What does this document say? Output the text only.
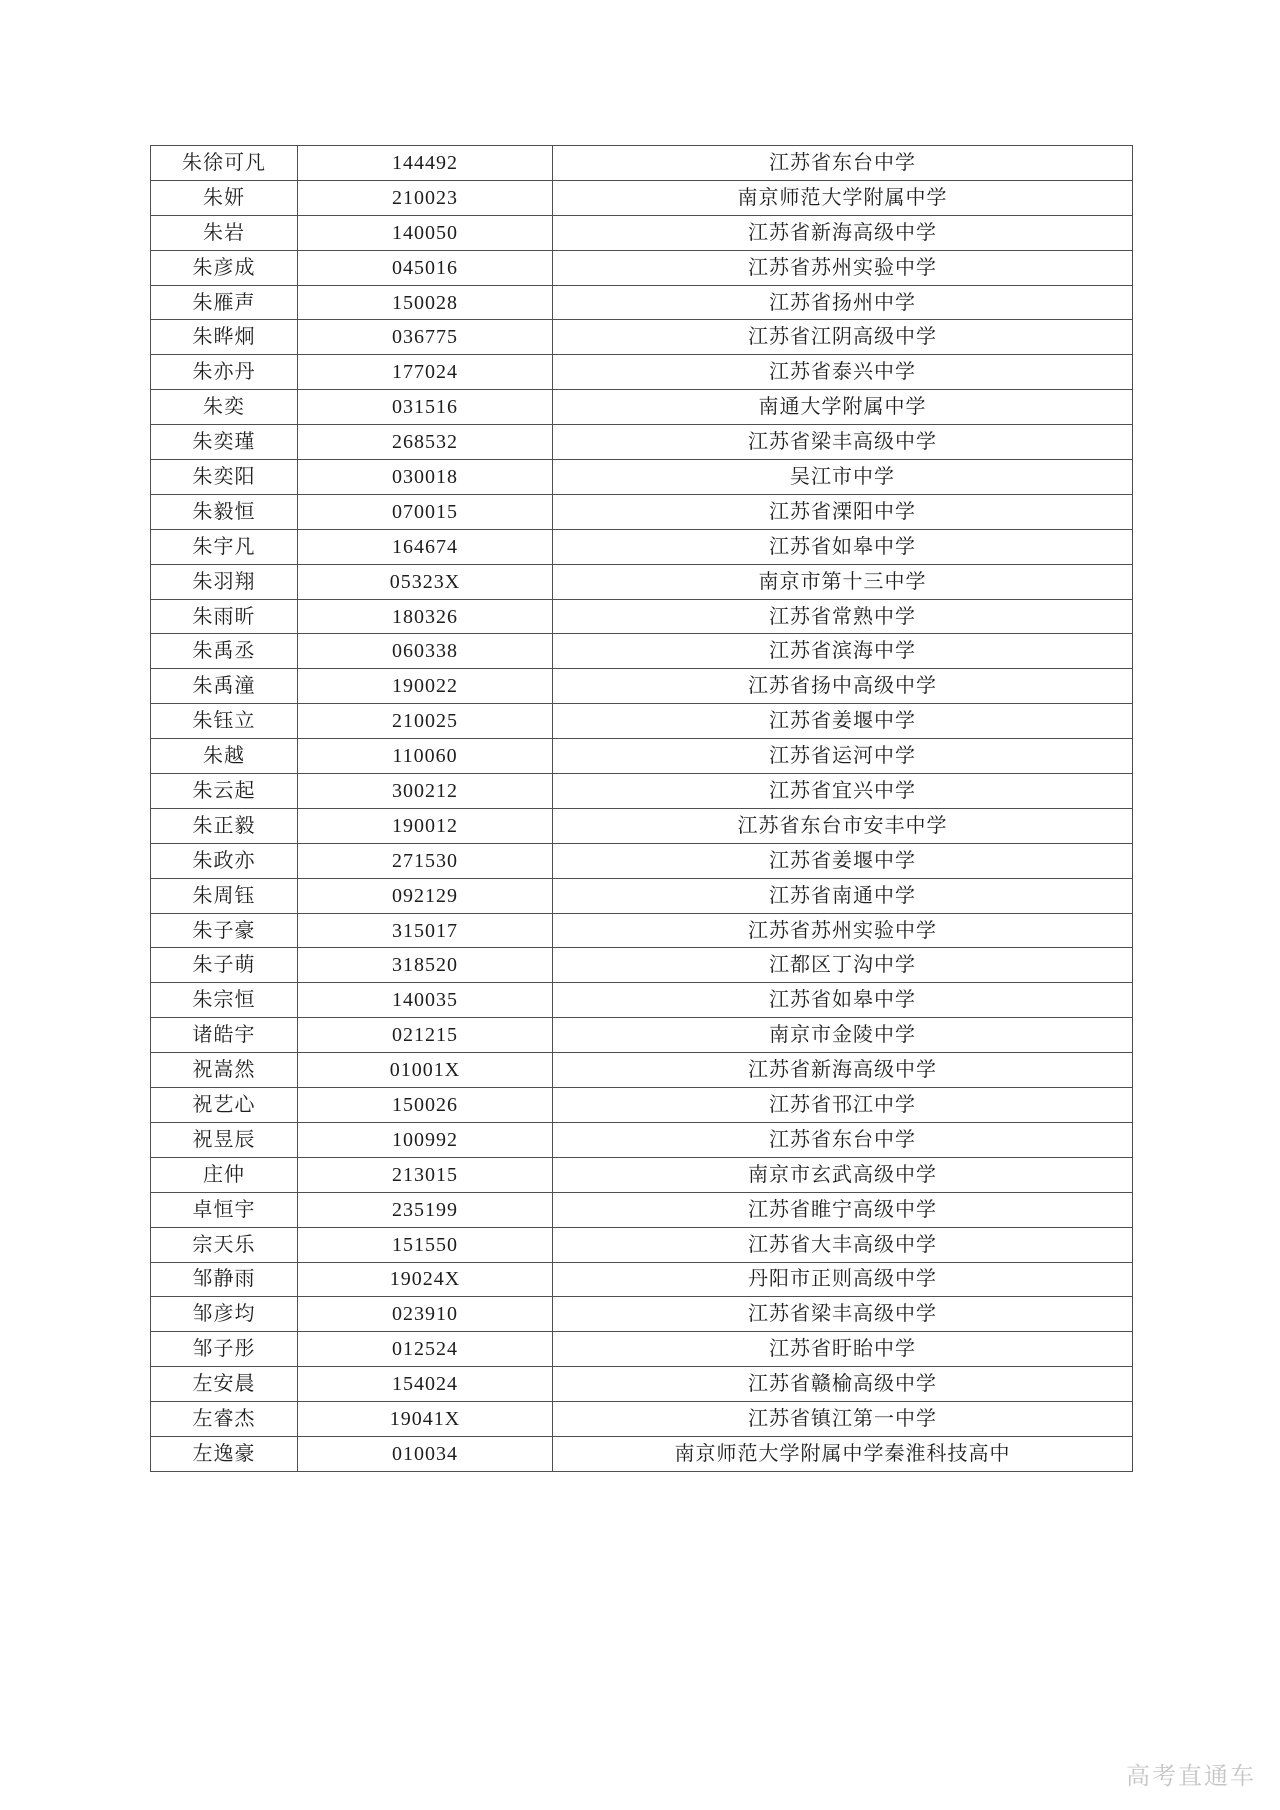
朱徐可凡	144492	江苏省东台中学
朱妍	210023	南京师范大学附属中学
朱岩	140050	江苏省新海高级中学
朱彦成	045016	江苏省苏州实验中学
朱雁声	150028	江苏省扬州中学
朱晔炯	036775	江苏省江阴高级中学
朱亦丹	177024	江苏省泰兴中学
朱奕	031516	南通大学附属中学
朱奕瑾	268532	江苏省梁丰高级中学
朱奕阳	030018	吴江市中学
朱毅恒	070015	江苏省溧阳中学
朱宇凡	164674	江苏省如皋中学
朱羽翔	05323X	南京市第十三中学
朱雨昕	180326	江苏省常熟中学
朱禹丞	060338	江苏省滨海中学
朱禹潼	190022	江苏省扬中高级中学
朱钰立	210025	江苏省姜堰中学
朱越	110060	江苏省运河中学
朱云起	300212	江苏省宜兴中学
朱正毅	190012	江苏省东台市安丰中学
朱政亦	271530	江苏省姜堰中学
朱周钰	092129	江苏省南通中学
朱子豪	315017	江苏省苏州实验中学
朱子萌	318520	江都区丁沟中学
朱宗恒	140035	江苏省如皋中学
诸皓宇	021215	南京市金陵中学
祝嵩然	01001X	江苏省新海高级中学
祝艺心	150026	江苏省邗江中学
祝昱辰	100992	江苏省东台中学
庄仲	213015	南京市玄武高级中学
卓恒宇	235199	江苏省睢宁高级中学
宗天乐	151550	江苏省大丰高级中学
邹静雨	19024X	丹阳市正则高级中学
邹彦均	023910	江苏省梁丰高级中学
邹子彤	012524	江苏省盱眙中学
左安晨	154024	江苏省赣榆高级中学
左睿杰	19041X	江苏省镇江第一中学
左逸豪	010034	南京师范大学附属中学秦淮科技高中
高考直通车
